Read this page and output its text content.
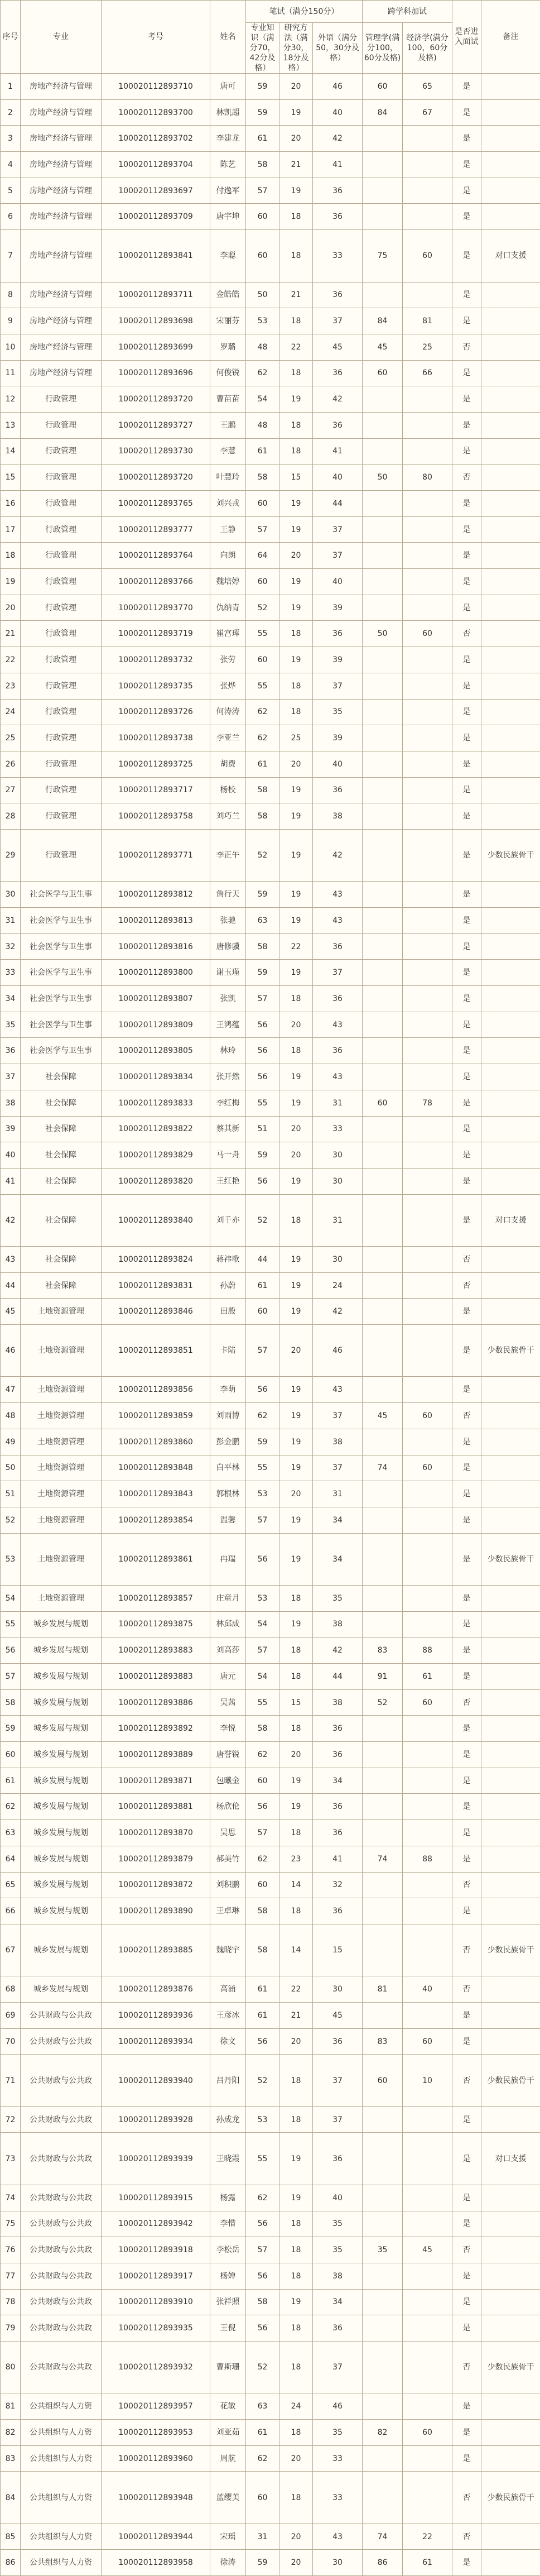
序号	专业	考号	姓名	笔试（满分150分）			跨学科加试		是否进入面试	备注
				专业知识（满分70，42分及格）	研究方法（满分30，18分及格）	外语（满分50，30分及格）	管理学(满分100，60分及格)	经济学(满分100，60分及格)		
1	房地产经济与管理	100020112893710	唐可	59	20	46	60	65	是	
2	房地产经济与管理	100020112893700	林凯超	59	19	40	84	67	是	
3	房地产经济与管理	100020112893702	李建龙	61	20	42			是	
4	房地产经济与管理	100020112893704	陈艺	58	21	41			是	
5	房地产经济与管理	100020112893697	付逸军	57	19	36			是	
6	房地产经济与管理	100020112893709	唐宇坤	60	18	36			是	
7	房地产经济与管理	100020112893841	李聪	60	18	33	75	60	是	对口支援
8	房地产经济与管理	100020112893711	金皓皓	50	21	36			是	
9	房地产经济与管理	100020112893698	宋丽芬	53	18	37	84	81	是	
10	房地产经济与管理	100020112893699	罗璐	48	22	45	45	25	否	
11	房地产经济与管理	100020112893696	何俊锐	62	18	36	60	66	是	
12	行政管理	100020112893720	曹苗苗	54	19	42			是	
13	行政管理	100020112893727	王鹏	48	18	36			是	
14	行政管理	100020112893730	李慧	61	18	41			是	
15	行政管理	100020112893720	叶慧玲	58	15	40	50	80	否	
16	行政管理	100020112893765	刘兴戎	60	19	44			是	
17	行政管理	100020112893777	王静	57	19	37			是	
18	行政管理	100020112893764	向朗	64	20	37			是	
19	行政管理	100020112893766	魏培婷	60	19	40			是	
20	行政管理	100020112893770	仇纳青	52	19	39			是	
21	行政管理	100020112893719	崔宫珲	55	18	36	50	60	否	
22	行政管理	100020112893732	张劳	60	19	39			是	
23	行政管理	100020112893735	张烨	55	18	37			是	
24	行政管理	100020112893726	何涛涛	62	18	35			是	
25	行政管理	100020112893738	李亚兰	62	25	39			是	
26	行政管理	100020112893725	胡费	61	20	40			是	
27	行政管理	100020112893717	杨校	58	19	36			是	
28	行政管理	100020112893758	刘巧兰	58	19	38			是	
29	行政管理	100020112893771	李正午	52	19	42			是	少数民族骨干
30	社会医学与卫生事	100020112893812	詹行天	59	19	43			是	
31	社会医学与卫生事	100020112893813	张驰	63	19	43			是	
32	社会医学与卫生事	100020112893816	唐修骥	58	22	36			是	
33	社会医学与卫生事	100020112893800	谢玉瑾	59	19	37			是	
34	社会医学与卫生事	100020112893807	张凯	57	18	36			是	
35	社会医学与卫生事	100020112893809	王鸿蕴	56	20	43			是	
36	社会医学与卫生事	100020112893805	林玲	56	18	36			是	
37	社会保障	100020112893834	张开然	56	19	43			是	
38	社会保障	100020112893833	李红梅	55	19	31	60	78	是	
39	社会保障	100020112893822	蔡其新	51	20	33			是	
40	社会保障	100020112893829	马一舟	59	20	30			是	
41	社会保障	100020112893820	王红艳	56	19	30			是	
42	社会保障	100020112893840	刘千亦	52	18	31			是	对口支援
43	社会保障	100020112893824	蒋祎歌	44	19	30			否	
44	社会保障	100020112893831	孙蔚	61	19	24			否	
45	土地资源管理	100020112893846	田殷	60	19	42			是	
46	土地资源管理	100020112893851	卡陆	57	20	46			是	少数民族骨干
47	土地资源管理	100020112893856	李萌	56	19	43			是	
48	土地资源管理	100020112893859	刘雨博	62	19	37	45	60	否	
49	土地资源管理	100020112893860	彭金鹏	59	19	38			是	
50	土地资源管理	100020112893848	白平林	55	19	37	74	60	是	
51	土地资源管理	100020112893843	郭根林	53	20	31			是	
52	土地资源管理	100020112893854	温馨	57	19	34			是	
53	土地资源管理	100020112893861	冉瑞	56	19	34			是	少数民族骨干
54	土地资源管理	100020112893857	庄童月	53	18	35			是	
55	城乡发展与规划	100020112893875	林邱成	54	19	38			是	
56	城乡发展与规划	100020112893883	刘高莎	57	18	42	83	88	是	
57	城乡发展与规划	100020112893883	唐元	54	18	44	91	61	是	
58	城乡发展与规划	100020112893886	吴茜	55	15	38	52	60	否	
59	城乡发展与规划	100020112893892	李悦	58	18	36			是	
60	城乡发展与规划	100020112893889	唐誉锐	62	20	36			是	
61	城乡发展与规划	100020112893871	包曦金	60	19	34			是	
62	城乡发展与规划	100020112893881	杨欣伦	56	19	36			是	
63	城乡发展与规划	100020112893870	吴思	57	18	36			是	
64	城乡发展与规划	100020112893879	郝美竹	62	23	41	74	88	是	
65	城乡发展与规划	100020112893872	刘积鹏	60	14	32			否	
66	城乡发展与规划	100020112893890	王卓琳	58	18	36			是	
67	城乡发展与规划	100020112893885	魏晓宇	58	14	15			否	少数民族骨干
68	城乡发展与规划	100020112893876	高涌	61	22	30	81	40	否	
69	公共财政与公共政	100020112893936	王彦冰	61	21	45			是	
70	公共财政与公共政	100020112893934	徐文	56	20	36	83	60	是	
71	公共财政与公共政	100020112893940	吕丹阳	52	18	37	60	10	否	少数民族骨干
72	公共财政与公共政	100020112893928	孙成龙	53	18	37			是	
73	公共财政与公共政	100020112893939	王晓霞	55	19	36			是	对口支援
74	公共财政与公共政	100020112893915	杨露	62	19	40			是	
75	公共财政与公共政	100020112893942	李惜	56	18	35			是	
76	公共财政与公共政	100020112893918	李松岳	57	18	35	35	45	否	
77	公共财政与公共政	100020112893917	杨婵	56	18	38			是	
78	公共财政与公共政	100020112893910	张祥照	58	19	34			是	
79	公共财政与公共政	100020112893935	王倪	56	18	36			是	
80	公共财政与公共政	100020112893932	曹斯珊	52	18	37			否	少数民族骨干
81	公共组织与人力资	100020112893957	花敏	63	24	46			是	
82	公共组织与人力资	100020112893953	刘亚茹	61	18	35	82	60	是	
83	公共组织与人力资	100020112893960	周航	62	20	33			是	
84	公共组织与人力资	100020112893948	蓝缨美	60	18	33			否	少数民族骨干
85	公共组织与人力资	100020112893944	宋瑶	31	20	43	74	22	否	
86	公共组织与人力资	100020112893958	徐涛	59	20	30	86	61	是	
